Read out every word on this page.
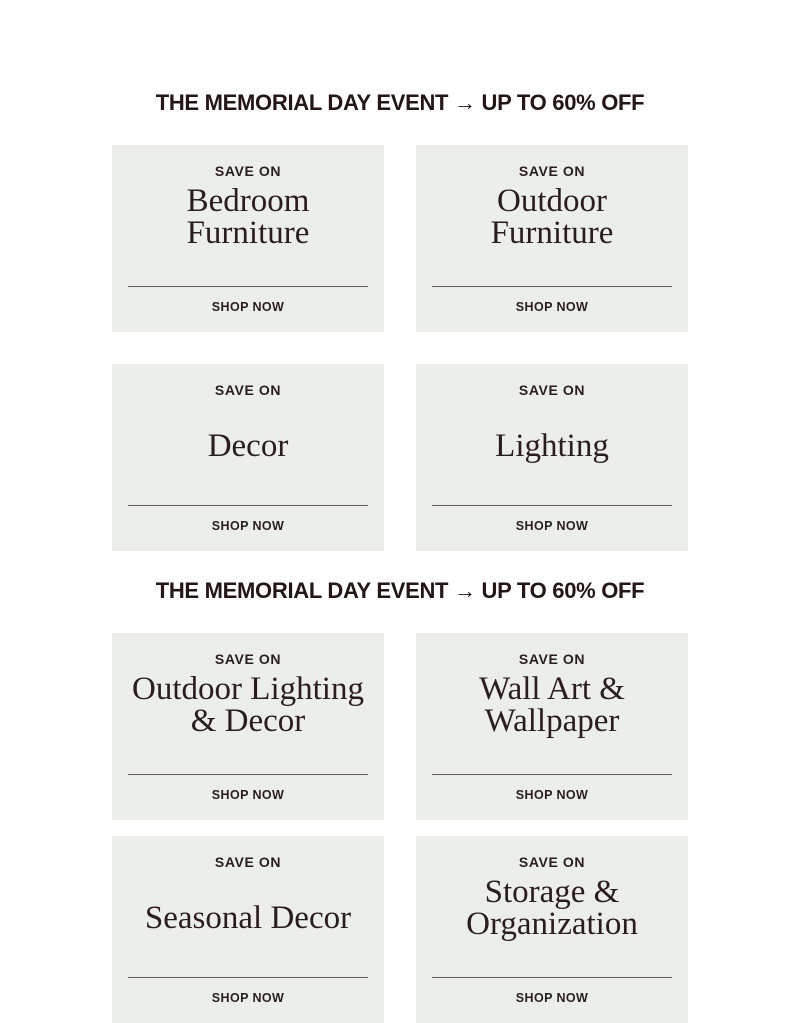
THE MEMORIAL DAY EVENT → UP TO 60% OFF
SAVE ON
Bedroom
Furniture
SHOP NOW
SAVE ON
Outdoor
Furniture
SHOP NOW
SAVE ON
Decor
SHOP NOW
SAVE ON
Lighting
SHOP NOW
THE MEMORIAL DAY EVENT → UP TO 60% OFF
SAVE ON
Outdoor Lighting
& Decor
SHOP NOW
SAVE ON
Wall Art &
Wallpaper
SHOP NOW
SAVE ON
Seasonal Decor
SHOP NOW
SAVE ON
Storage &
Organization
SHOP NOW
